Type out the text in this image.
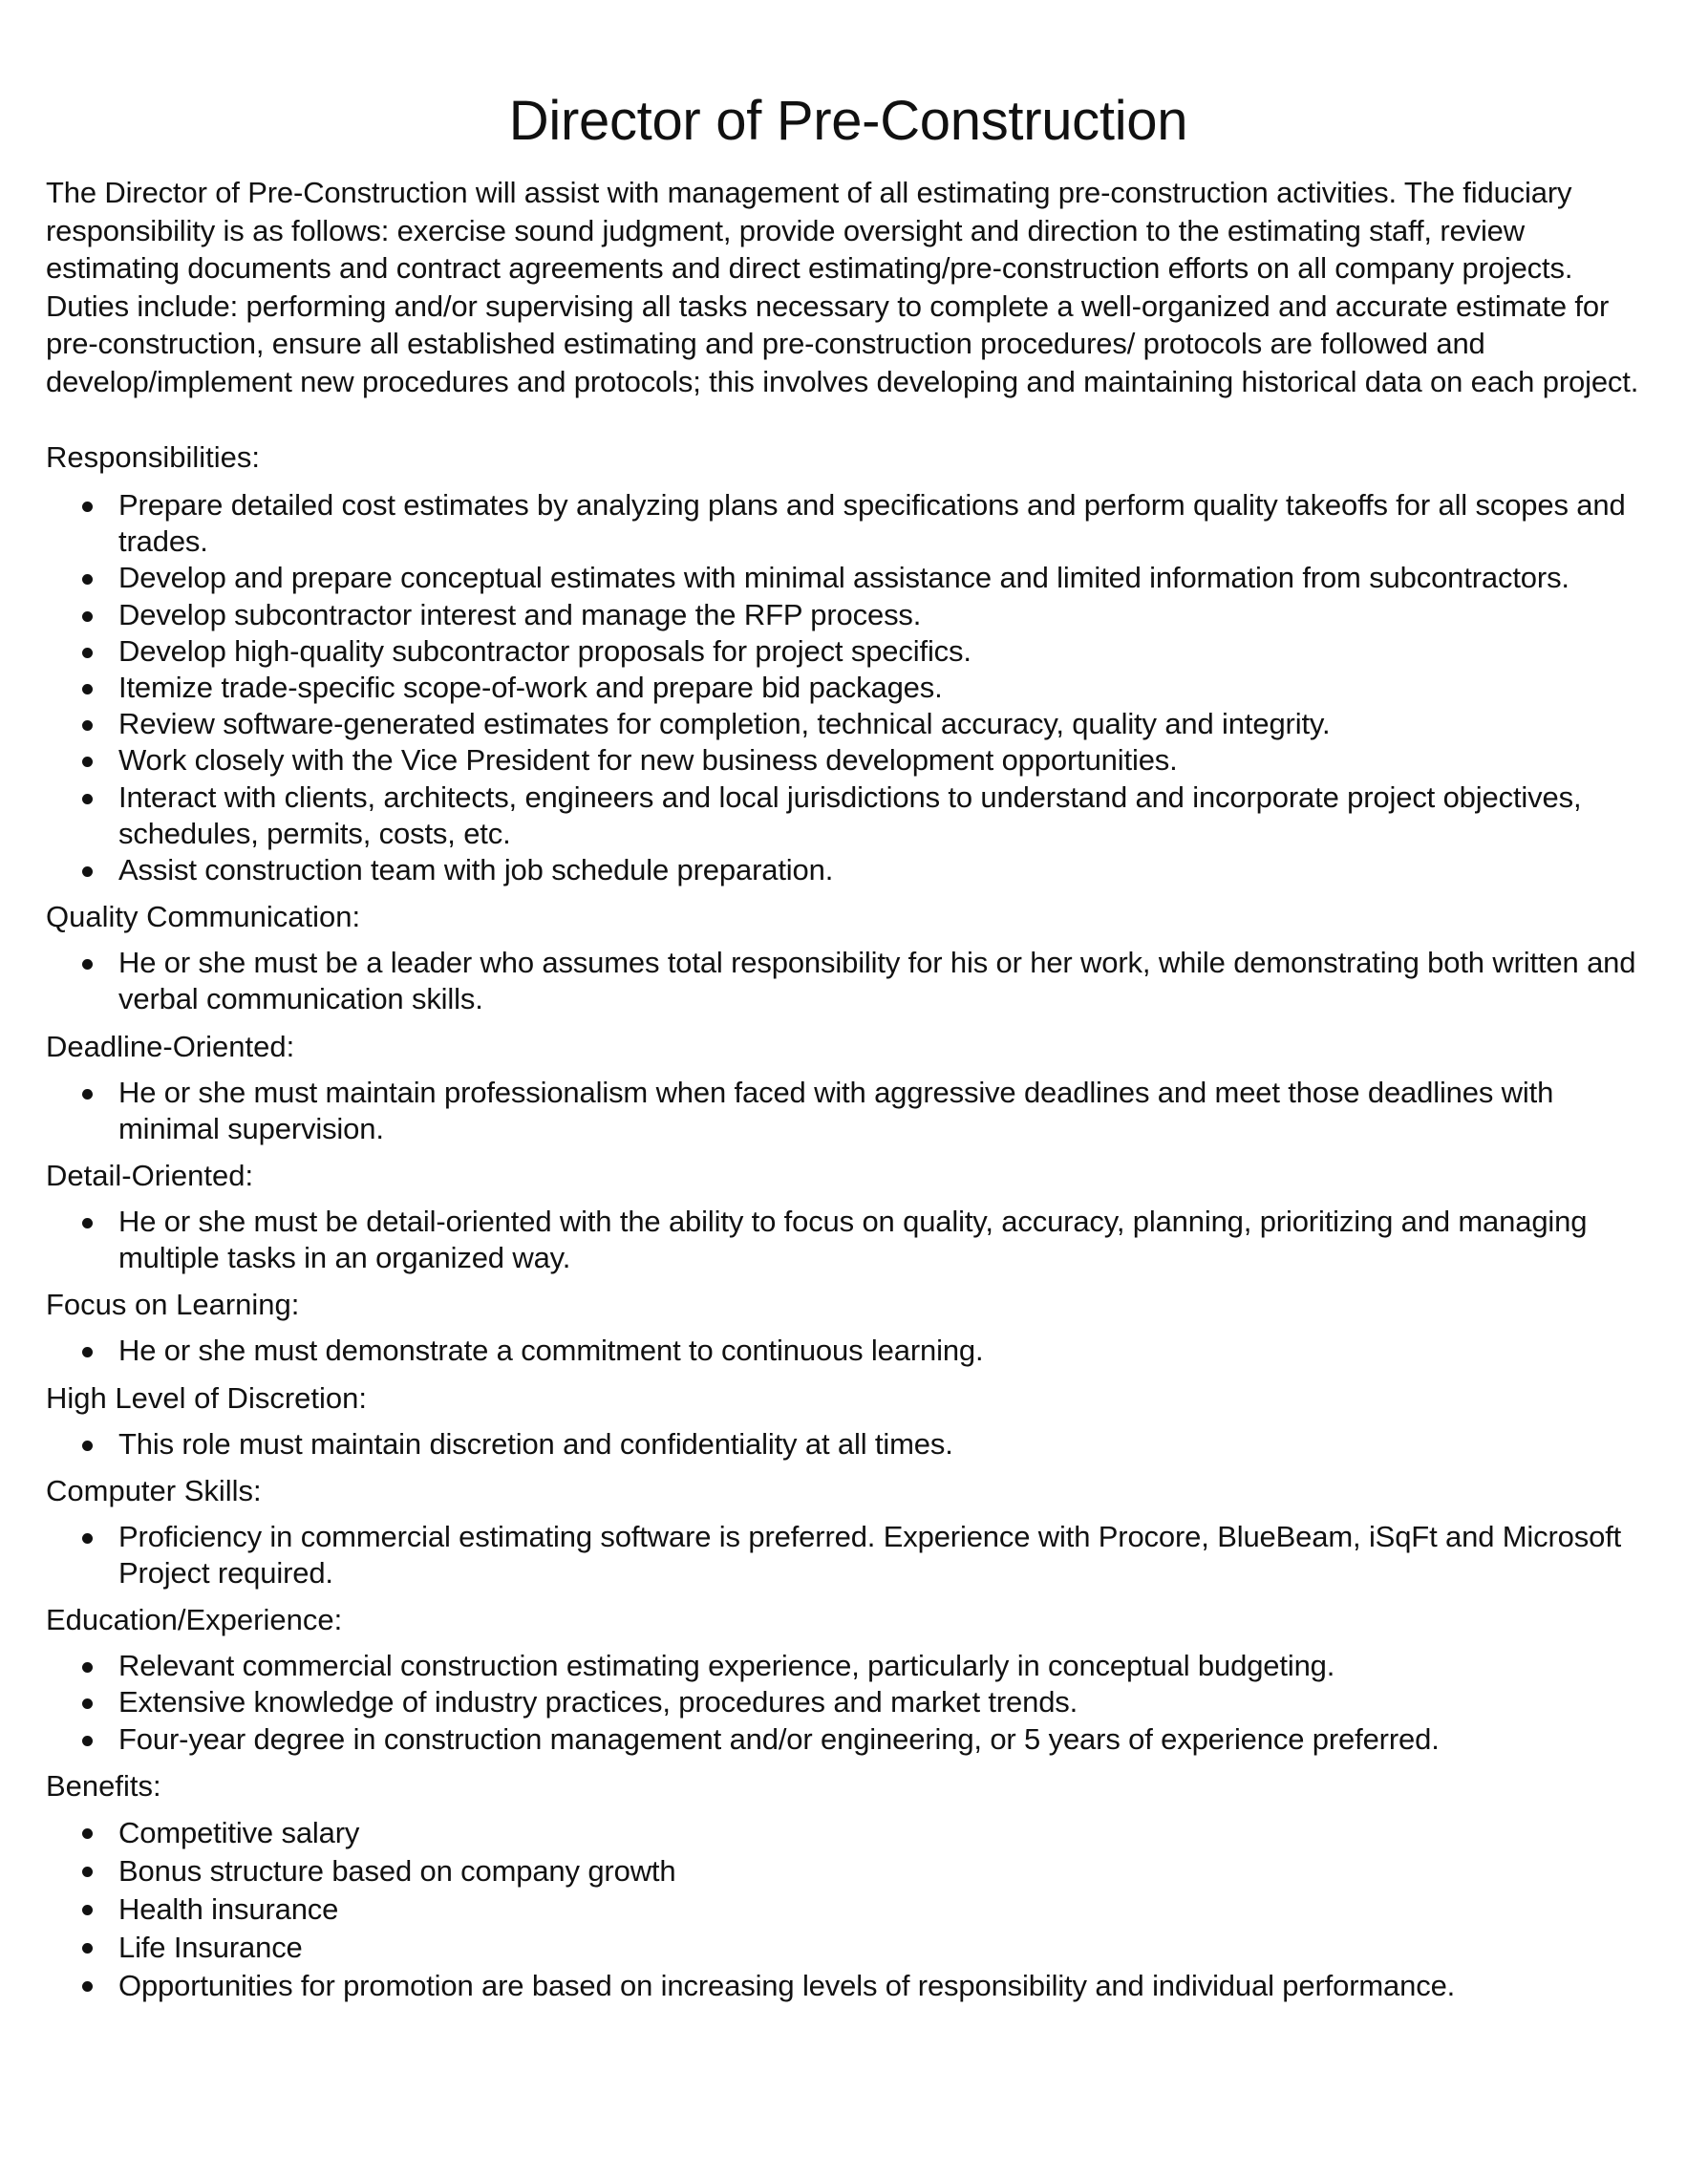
Director of Pre-Construction

The Director of Pre-Construction will assist with management of all estimating pre-construction activities. The fiduciary responsibility is as follows: exercise sound judgment, provide oversight and direction to the estimating staff, review estimating documents and contract agreements and direct estimating/pre-construction efforts on all company projects. Duties include: performing and/or supervising all tasks necessary to complete a well-organized and accurate estimate for pre-construction, ensure all established estimating and pre-construction procedures/ protocols are followed and develop/implement new procedures and protocols; this involves developing and maintaining historical data on each project.

Responsibilities:

Prepare detailed cost estimates by analyzing plans and specifications and perform quality takeoffs for all scopes and trades.
Develop and prepare conceptual estimates with minimal assistance and limited information from subcontractors.
Develop subcontractor interest and manage the RFP process.
Develop high-quality subcontractor proposals for project specifics.
Itemize trade-specific scope-of-work and prepare bid packages.
Review software-generated estimates for completion, technical accuracy, quality and integrity.
Work closely with the Vice President for new business development opportunities.
Interact with clients, architects, engineers and local jurisdictions to understand and incorporate project objectives, schedules, permits, costs, etc.
Assist construction team with job schedule preparation.

Quality Communication:

He or she must be a leader who assumes total responsibility for his or her work, while demonstrating both written and verbal communication skills.

Deadline-Oriented:

He or she must maintain professionalism when faced with aggressive deadlines and meet those deadlines with minimal supervision.

Detail-Oriented:

He or she must be detail-oriented with the ability to focus on quality, accuracy, planning, prioritizing and managing multiple tasks in an organized way.

Focus on Learning:

He or she must demonstrate a commitment to continuous learning.

High Level of Discretion:

This role must maintain discretion and confidentiality at all times.

Computer Skills:

Proficiency in commercial estimating software is preferred. Experience with Procore, BlueBeam, iSqFt and Microsoft Project required.

Education/Experience:

Relevant commercial construction estimating experience, particularly in conceptual budgeting.
Extensive knowledge of industry practices, procedures and market trends.
Four-year degree in construction management and/or engineering, or 5 years of experience preferred.

Benefits:

Competitive salary
Bonus structure based on company growth
Health insurance
Life Insurance
Opportunities for promotion are based on increasing levels of responsibility and individual performance.
